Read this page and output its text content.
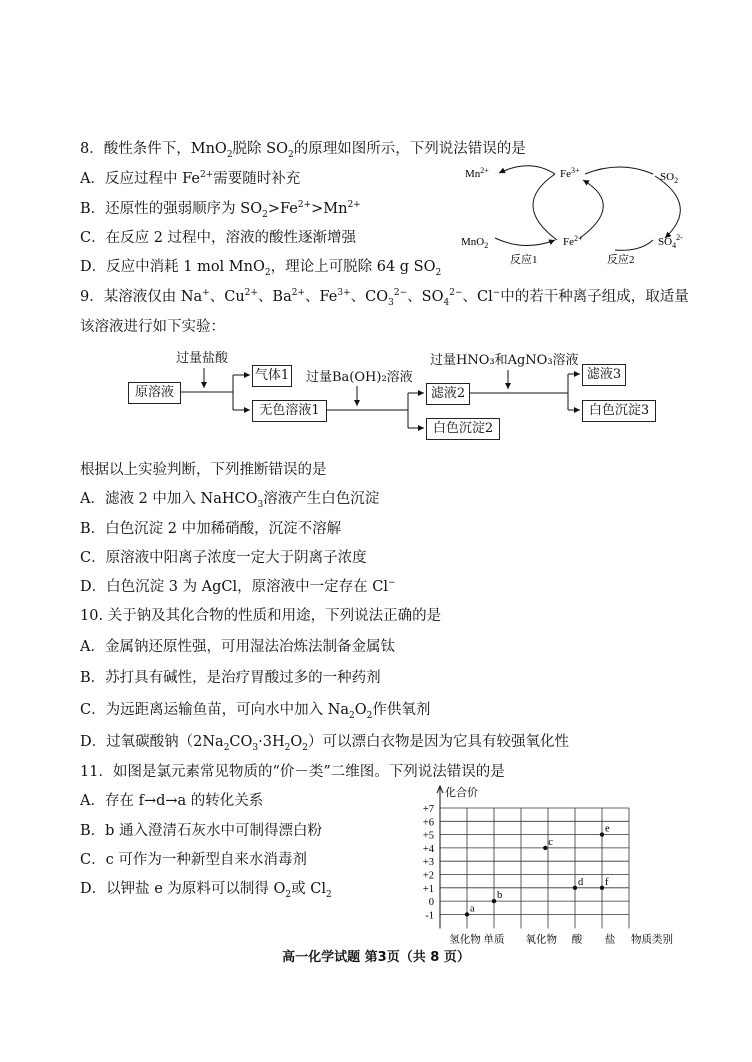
8．酸性条件下，MnO$_2$脱除 $SO_2$的原理如图所示，下列说法错误的是
A．反应过程中 $Fe^{2+}$需要随时补充
B．还原性的强弱顺序为 $SO_2>Fe^{2+}>Mn^{2+}$
C．在反应 2 过程中，溶液的酸性逐渐增强
D．反应中消耗 1 mol MnO$_2$，理论上可脱除 64 g $SO_2$
$Mn^{2+}$	$Fe^{3+}$
$SO_2$
MnO$_2$	$Fe^{2+}$	$SO_4^{2-}$
反应1	反应2
9．某溶液仅由 Na+、$Cu^{2+}$、$Ba^{2+}$、$Fe^{3+}$、$CO_3^{2-}$、$SO_4^{2-}$、Cl−中的若干种离子组成，取适量
该溶液进行如下实验：
原溶液
过量盐酸
气体1
无色溶液1
过量Ba(OH)₂溶液
滤液2
白色沉淀2
过量HNO₃和AgNO₃溶液
滤液3
白色沉淀3
根据以上实验判断，下列推断错误的是
A．滤液 2 中加入 NaHCO$_3$溶液产生白色沉淀
B．白色沉淀 2 中加稀硝酸，沉淀不溶解
C．原溶液中阳离子浓度一定大于阴离子浓度
D．白色沉淀 3 为 AgCl，原溶液中一定存在 Cl−
10. 关于钠及其化合物的性质和用途，下列说法正确的是
A．金属钠还原性强，可用湿法冶炼法制备金属钛
B．苏打具有碱性，是治疗胃酸过多的一种药剂
C．为远距离运输鱼苗，可向水中加入 $Na_2O_2$作供氧剂
D．过氧碳酸钠$(2Na_2CO_3\cdot 3H_2O_2)$可以漂白衣物是因为它具有较强氧化性
11．如图是氯元素常见物质的“价－类”二维图。下列说法错误的是
A．存在 f→d→a 的转化关系
B．b 通入澄清石灰水中可制得漂白粉
C．c 可作为一种新型自来水消毒剂
D．以钾盐 e 为原料可以制得 $O_2$或 $Cl_2$
化合价
+7
+6
+5
+4
+3
+2
+1
0
-1
氢化物 单质 氧化物 酸 盐 物质类别
a
b
c
d
e
f
高一化学试题 第3页（共 8 页）
